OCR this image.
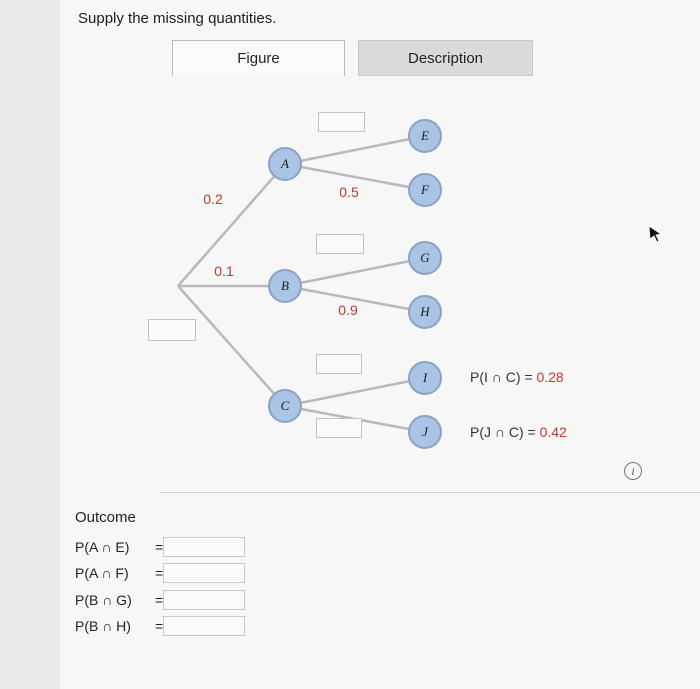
Supply the missing quantities.
Figure	Description
A
B
C
E
F
G
H
I
J
0.2
0.1
0.5
0.9
P(I ∩ C) = 0.28
P(J ∩ C) = 0.42
i
Outcome
P(A ∩ E)	=
P(A ∩ F)	=
P(B ∩ G)	=
P(B ∩ H)	=
